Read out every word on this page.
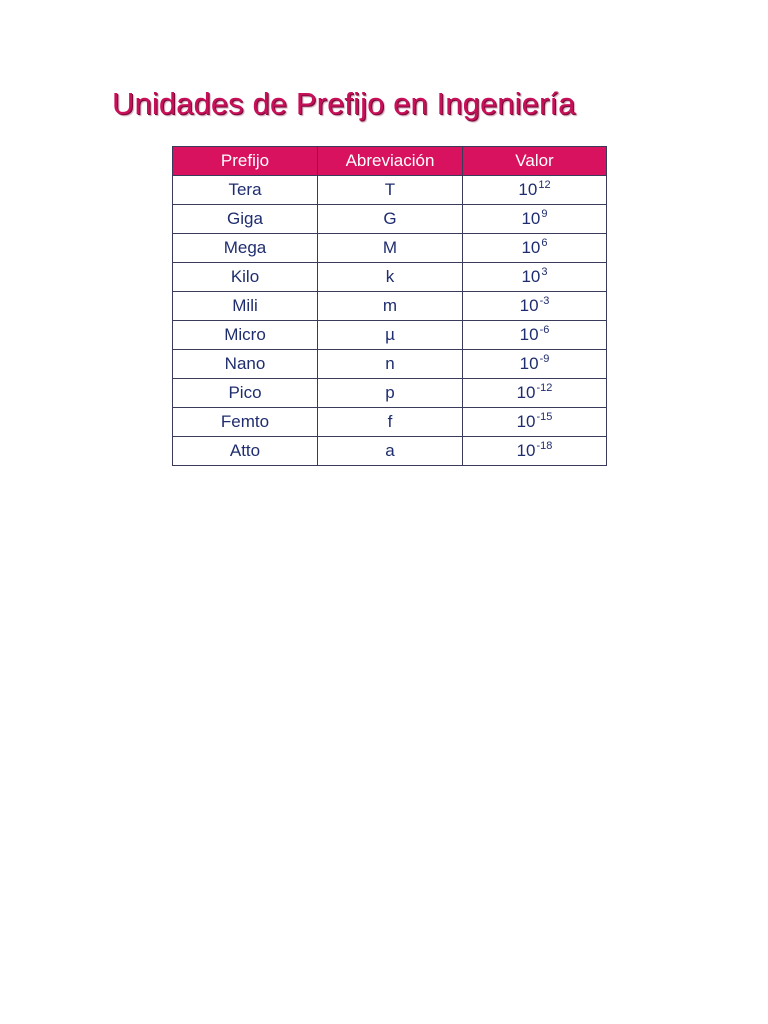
Unidades de Prefijo en Ingeniería
Prefijo	Abreviación	Valor
Tera	T	$10^{12}$
Giga	G	$10^9$
Mega	M	$10^6$
Kilo	k	$10^3$
Mili	m	$10^{-3}$
Micro	µ	$10^{-6}$
Nano	n	$10^{-9}$
Pico	p	$10^{-12}$
Femto	f	$10^{-15}$
Atto	a	$10^{-18}$
